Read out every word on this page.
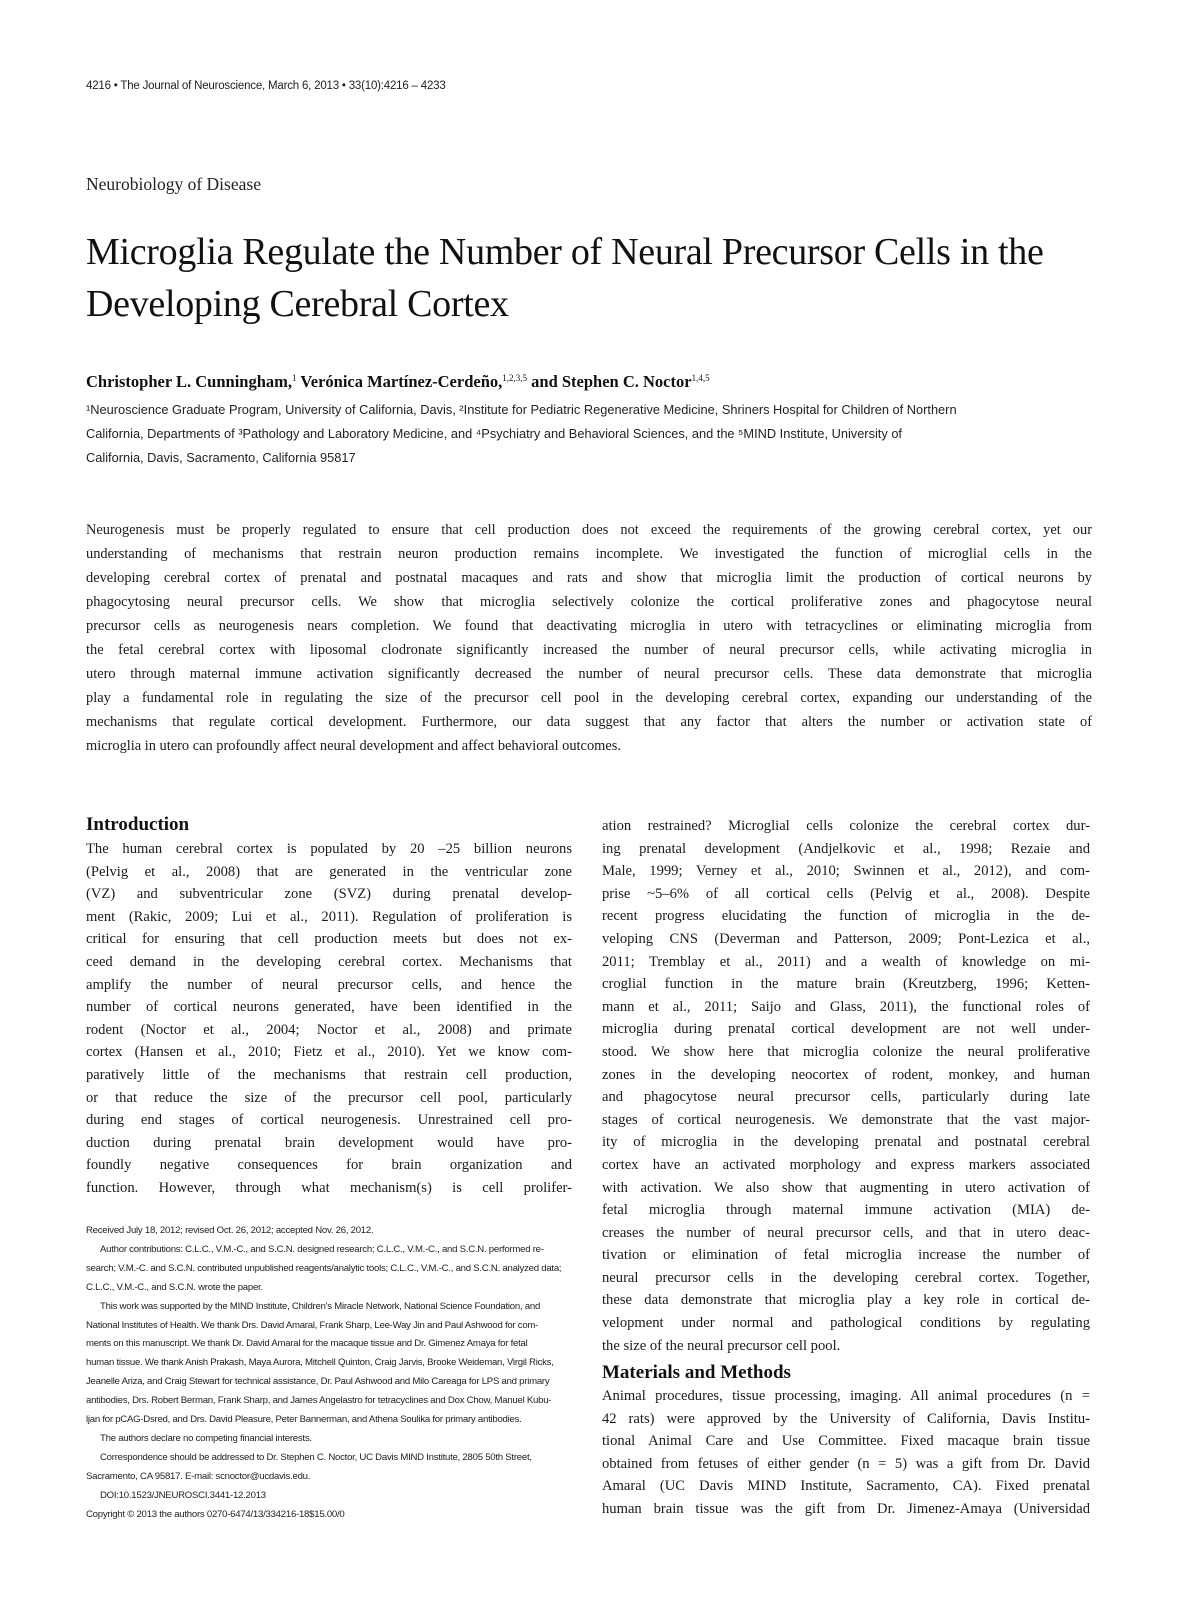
4216 • The Journal of Neuroscience, March 6, 2013 • 33(10):4216 – 4233
Neurobiology of Disease
Microglia Regulate the Number of Neural Precursor Cells in the Developing Cerebral Cortex
Christopher L. Cunningham,$^1$ Verónica Martínez-Cerdeño,$^{1,2,3,5}$ and Stephen C. Noctor$^{1,4,5}$
¹Neuroscience Graduate Program, University of California, Davis, ²Institute for Pediatric Regenerative Medicine, Shriners Hospital for Children of Northern
California, Departments of ³Pathology and Laboratory Medicine, and ⁴Psychiatry and Behavioral Sciences, and the ⁵MIND Institute, University of
California, Davis, Sacramento, California 95817
Neurogenesis must be properly regulated to ensure that cell production does not exceed the requirements of the growing cerebral cortex, yet our
understanding of mechanisms that restrain neuron production remains incomplete. We investigated the function of microglial cells in the
developing cerebral cortex of prenatal and postnatal macaques and rats and show that microglia limit the production of cortical neurons by
phagocytosing neural precursor cells. We show that microglia selectively colonize the cortical proliferative zones and phagocytose neural
precursor cells as neurogenesis nears completion. We found that deactivating microglia in utero with tetracyclines or eliminating microglia from
the fetal cerebral cortex with liposomal clodronate significantly increased the number of neural precursor cells, while activating microglia in
utero through maternal immune activation significantly decreased the number of neural precursor cells. These data demonstrate that microglia
play a fundamental role in regulating the size of the precursor cell pool in the developing cerebral cortex, expanding our understanding of the
mechanisms that regulate cortical development. Furthermore, our data suggest that any factor that alters the number or activation state of
microglia in utero can profoundly affect neural development and affect behavioral outcomes.
Introduction
The human cerebral cortex is populated by 20 –25 billion neurons
(Pelvig et al., 2008) that are generated in the ventricular zone
(VZ) and subventricular zone (SVZ) during prenatal develop-
ment (Rakic, 2009; Lui et al., 2011). Regulation of proliferation is
critical for ensuring that cell production meets but does not ex-
ceed demand in the developing cerebral cortex. Mechanisms that
amplify the number of neural precursor cells, and hence the
number of cortical neurons generated, have been identified in the
rodent (Noctor et al., 2004; Noctor et al., 2008) and primate
cortex (Hansen et al., 2010; Fietz et al., 2010). Yet we know com-
paratively little of the mechanisms that restrain cell production,
or that reduce the size of the precursor cell pool, particularly
during end stages of cortical neurogenesis. Unrestrained cell pro-
duction during prenatal brain development would have pro-
foundly negative consequences for brain organization and
function. However, through what mechanism(s) is cell prolifer-
ation restrained? Microglial cells colonize the cerebral cortex dur-
ing prenatal development (Andjelkovic et al., 1998; Rezaie and
Male, 1999; Verney et al., 2010; Swinnen et al., 2012), and com-
prise ~5–6% of all cortical cells (Pelvig et al., 2008). Despite
recent progress elucidating the function of microglia in the de-
veloping CNS (Deverman and Patterson, 2009; Pont-Lezica et al.,
2011; Tremblay et al., 2011) and a wealth of knowledge on mi-
croglial function in the mature brain (Kreutzberg, 1996; Ketten-
mann et al., 2011; Saijo and Glass, 2011), the functional roles of
microglia during prenatal cortical development are not well under-
stood. We show here that microglia colonize the neural proliferative
zones in the developing neocortex of rodent, monkey, and human
and phagocytose neural precursor cells, particularly during late
stages of cortical neurogenesis. We demonstrate that the vast major-
ity of microglia in the developing prenatal and postnatal cerebral
cortex have an activated morphology and express markers associated
with activation. We also show that augmenting in utero activation of
fetal microglia through maternal immune activation (MIA) de-
creases the number of neural precursor cells, and that in utero deac-
tivation or elimination of fetal microglia increase the number of
neural precursor cells in the developing cerebral cortex. Together,
these data demonstrate that microglia play a key role in cortical de-
velopment under normal and pathological conditions by regulating
the size of the neural precursor cell pool.
Materials and Methods
Animal procedures, tissue processing, imaging. All animal procedures (n =
42 rats) were approved by the University of California, Davis Institu-
tional Animal Care and Use Committee. Fixed macaque brain tissue
obtained from fetuses of either gender (n = 5) was a gift from Dr. David
Amaral (UC Davis MIND Institute, Sacramento, CA). Fixed prenatal
human brain tissue was the gift from Dr. Jimenez-Amaya (Universidad
Received July 18, 2012; revised Oct. 26, 2012; accepted Nov. 26, 2012.
Author contributions: C.L.C., V.M.-C., and S.C.N. designed research; C.L.C., V.M.-C., and S.C.N. performed re-
search; V.M.-C. and S.C.N. contributed unpublished reagents/analytic tools; C.L.C., V.M.-C., and S.C.N. analyzed data;
C.L.C., V.M.-C., and S.C.N. wrote the paper.
This work was supported by the MIND Institute, Children's Miracle Network, National Science Foundation, and
National Institutes of Health. We thank Drs. David Amaral, Frank Sharp, Lee-Way Jin and Paul Ashwood for com-
ments on this manuscript. We thank Dr. David Amaral for the macaque tissue and Dr. Gimenez Amaya for fetal
human tissue. We thank Anish Prakash, Maya Aurora, Mitchell Quinton, Craig Jarvis, Brooke Weideman, Virgil Ricks,
Jeanelle Ariza, and Craig Stewart for technical assistance, Dr. Paul Ashwood and Milo Careaga for LPS and primary
antibodies, Drs. Robert Berman, Frank Sharp, and James Angelastro for tetracyclines and Dox Chow, Manuel Kubu-
ljan for pCAG-Dsred, and Drs. David Pleasure, Peter Bannerman, and Athena Soulika for primary antibodies.
The authors declare no competing financial interests.
Correspondence should be addressed to Dr. Stephen C. Noctor, UC Davis MIND Institute, 2805 50th Street,
Sacramento, CA 95817. E-mail: scnoctor@ucdavis.edu.
DOI:10.1523/JNEUROSCI.3441-12.2013
Copyright © 2013 the authors 0270-6474/13/334216-18$15.00/0
